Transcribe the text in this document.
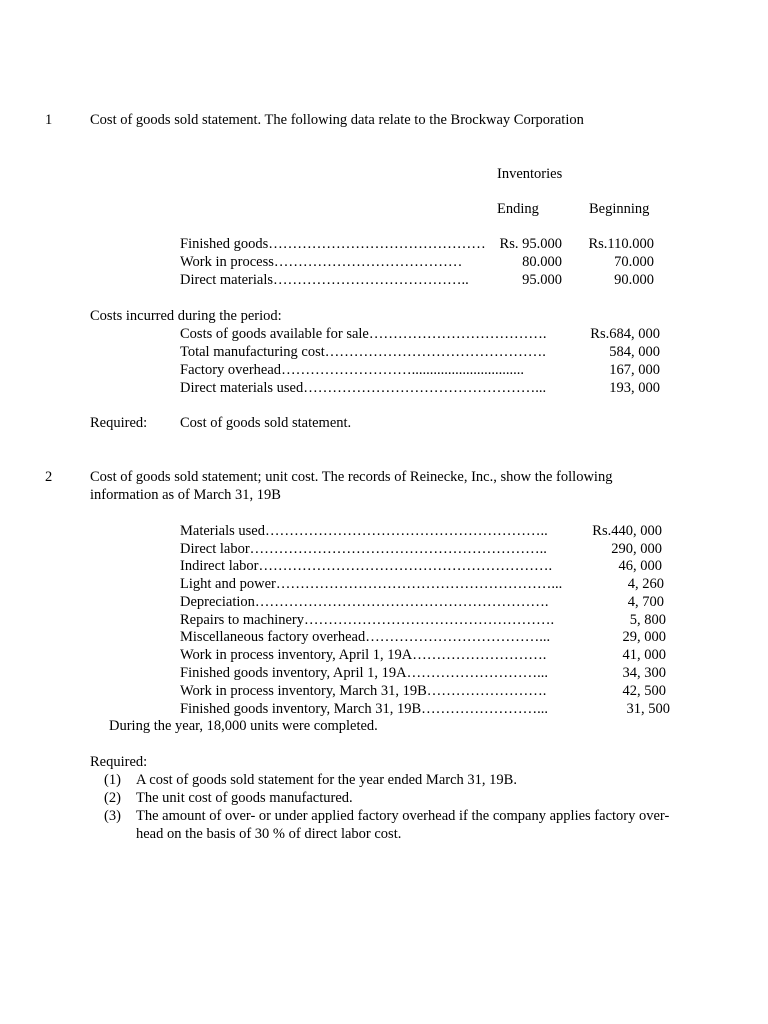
1	Cost of goods sold statement. The following data relate to the Brockway Corporation
Inventories
Ending	Beginning
Finished goods……………………………………… Rs. 95.000	Rs.110.000
Work in process…………………………………	80.000	70.000
Direct materials…………………………………..	95.000	90.000
Costs incurred during the period:
Costs of goods available for sale……………………………….	Rs.684, 000
Total manufacturing cost……………………………………….	584, 000
Factory overhead………………………...............................	167, 000
Direct materials used…………………………………………...	193, 000
Required: Cost of goods sold statement.
2	Cost of goods sold statement; unit cost. The records of Reinecke, Inc., show the following
information as of March 31, 19B
Materials used…………………………………………………..	Rs.440, 000
Direct labor……………………………………………………..	290, 000
Indirect labor…………………………………………………….	46, 000
Light and power…………………………………………………...	4, 260
Depreciation…………………………………………………….	4, 700
Repairs to machinery…………………………………………….	5, 800
Miscellaneous factory overhead………………………………...	29, 000
Work in process inventory, April 1, 19A……………………….	41, 000
Finished goods inventory, April 1, 19A………………………...	34, 300
Work in process inventory, March 31, 19B…………………….	42, 500
Finished goods inventory, March 31, 19B……………………...	31, 500
During the year, 18,000 units were completed.
Required:
(1) A cost of goods sold statement for the year ended March 31, 19B.
(2) The unit cost of goods manufactured.
(3) The amount of over- or under applied factory overhead if the company applies factory over-
head on the basis of 30 % of direct labor cost.
